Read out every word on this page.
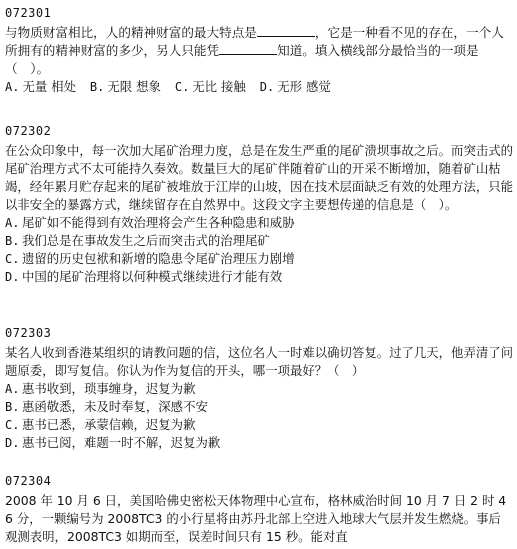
072301
与物质财富相比，人的精神财富的最大特点是	，它是一种看不见的存在，一个人所拥有的精神财富的多少，另人只能凭	知道。填入横线部分最恰当的一项是（　）。
A. 无量 相处 B. 无限 想象 C. 无比 接触 D. 无形 感觉
072302
在公众印象中，每一次加大尾矿治理力度，总是在发生严重的尾矿溃坝事故之后。而突击式的尾矿治理方式不太可能持久奏效。数量巨大的尾矿伴随着矿山的开采不断增加，随着矿山枯竭，经年累月贮存起来的尾矿被堆放于江岸的山坡，因在技术层面缺乏有效的处理方法，只能以非安全的暴露方式，继续留存在自然界中。这段文字主要想传递的信息是（　）。
A. 尾矿如不能得到有效治理将会产生各种隐患和威胁
B. 我们总是在事故发生之后而突击式的治理尾矿
C. 遗留的历史包袱和新增的隐患令尾矿治理压力剧增
D. 中国的尾矿治理将以何种模式继续进行才能有效
072303
某名人收到香港某组织的请教问题的信，这位名人一时难以确切答复。过了几天，他弄清了问题原委，即写复信。你认为作为复信的开头，哪一项最好？（　）
A. 惠书收到，琐事缠身，迟复为歉
B. 惠函敬悉，未及时奉复，深感不安
C. 惠书已悉，承蒙信赖，迟复为歉
D. 惠书已阅，难题一时不解，迟复为歉
072304
2008 年 10 月 6 日，美国哈佛史密松天体物理中心宣布，格林威治时间 10 月 7 日 2 时 46 分，一颗编号为 2008TC3 的小行星将由苏丹北部上空进入地球大气层并发生燃烧。事后观测表明，2008TC3 如期而至，误差时间只有 15 秒。能对直
